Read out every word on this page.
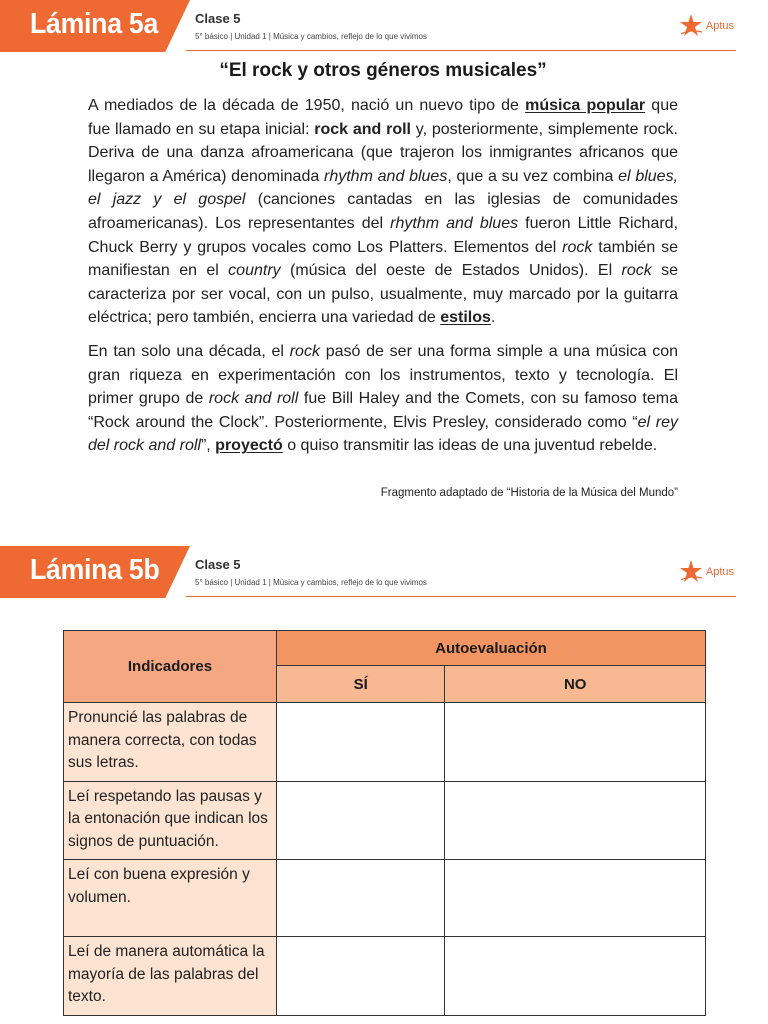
Lámina 5a	Clase 5
5° básico | Unidad 1 | Música y cambios, reflejo de lo que vivimos
Aptus
“El rock y otros géneros musicales”

A mediados de la década de 1950, nació un nuevo tipo de música popular que fue llamado en su etapa inicial: rock and roll y, posteriormente, simplemente rock. Deriva de una danza afroamericana (que trajeron los inmigrantes africanos que llegaron a América) denominada rhythm and blues, que a su vez combina el blues, el jazz y el gospel (canciones cantadas en las iglesias de comunidades afroamericanas). Los representantes del rhythm and blues fueron Little Richard, Chuck Berry y grupos vocales como Los Platters. Elementos del rock también se manifiestan en el country (música del oeste de Estados Unidos). El rock se caracteriza por ser vocal, con un pulso, usualmente, muy marcado por la guitarra eléctrica; pero también, encierra una variedad de estilos.

En tan solo una década, el rock pasó de ser una forma simple a una música con gran riqueza en experimentación con los instrumentos, texto y tecnología. El primer grupo de rock and roll fue Bill Haley and the Comets, con su famoso tema “Rock around the Clock”. Posteriormente, Elvis Presley, considerado como “el rey del rock and roll”, proyectó o quiso transmitir las ideas de una juventud rebelde.

Fragmento adaptado de “Historia de la Música del Mundo”
Lámina 5b	Clase 5
5° básico | Unidad 1 | Música y cambios, reflejo de lo que vivimos
Aptus
Indicadores	Autoevaluación	
	SÍ	NO
Pronuncié las palabras de manera correcta, con todas sus letras.		
Leí respetando las pausas y la entonación que indican los signos de puntuación.		
Leí con buena expresión y volumen.		
Leí de manera automática la mayoría de las palabras del texto.		
